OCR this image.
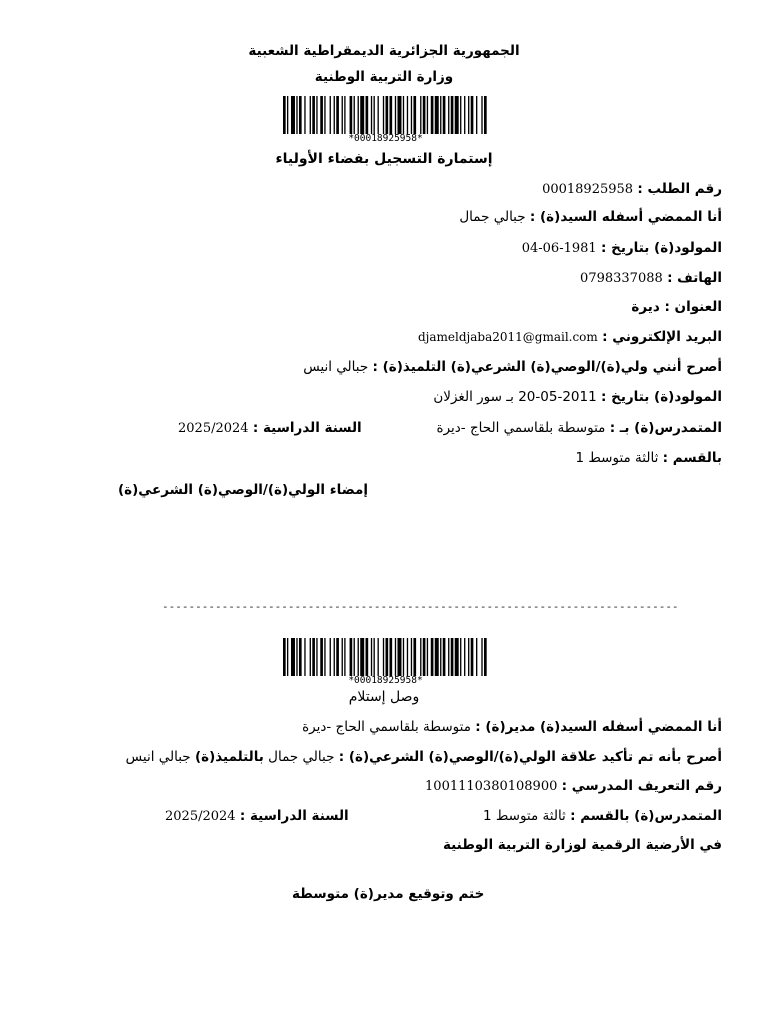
الجمهورية الجزائرية الديمقراطية الشعبية
وزارة التربية الوطنية
*00018925958*
إستمارة التسجيل بفضاء الأولياء
رقم الطلب : 00018925958
أنا الممضي أسفله السيد(ة) : جبالي جمال
المولود(ة) بتاريخ : 1981-06-04
الهاتف : 0798337088
العنوان : ديرة
البريد الإلكتروني : djameldjaba2011@gmail.com
أصرح أنني ولي(ة)/الوصي(ة) الشرعي(ة) التلميذ(ة) : جبالي انيس
المولود(ة) بتاريخ : 2011-05-20 بـ سور الغزلان
المتمدرس(ة) بـ : متوسطة بلقاسمي الحاج -ديرة
السنة الدراسية : 2025/2024
بالقسم : ثالثة متوسط 1
إمضاء الولي(ة)/الوصي(ة) الشرعي(ة)
------------------------------------------------------------------------------
*00018925958*
وصل إستلام
أنا الممضي أسفله السيد(ة) مدير(ة) : متوسطة بلقاسمي الحاج -ديرة
أصرح بأنه تم تأكيد علاقة الولي(ة)/الوصي(ة) الشرعي(ة) : جبالي جمال بالتلميذ(ة) جبالي انيس
رقم التعريف المدرسي : 1001110380108900
المتمدرس(ة) بالقسم : ثالثة متوسط 1
السنة الدراسية : 2025/2024
في الأرضية الرقمية لوزارة التربية الوطنية
ختم وتوقيع مدير(ة) متوسطة
